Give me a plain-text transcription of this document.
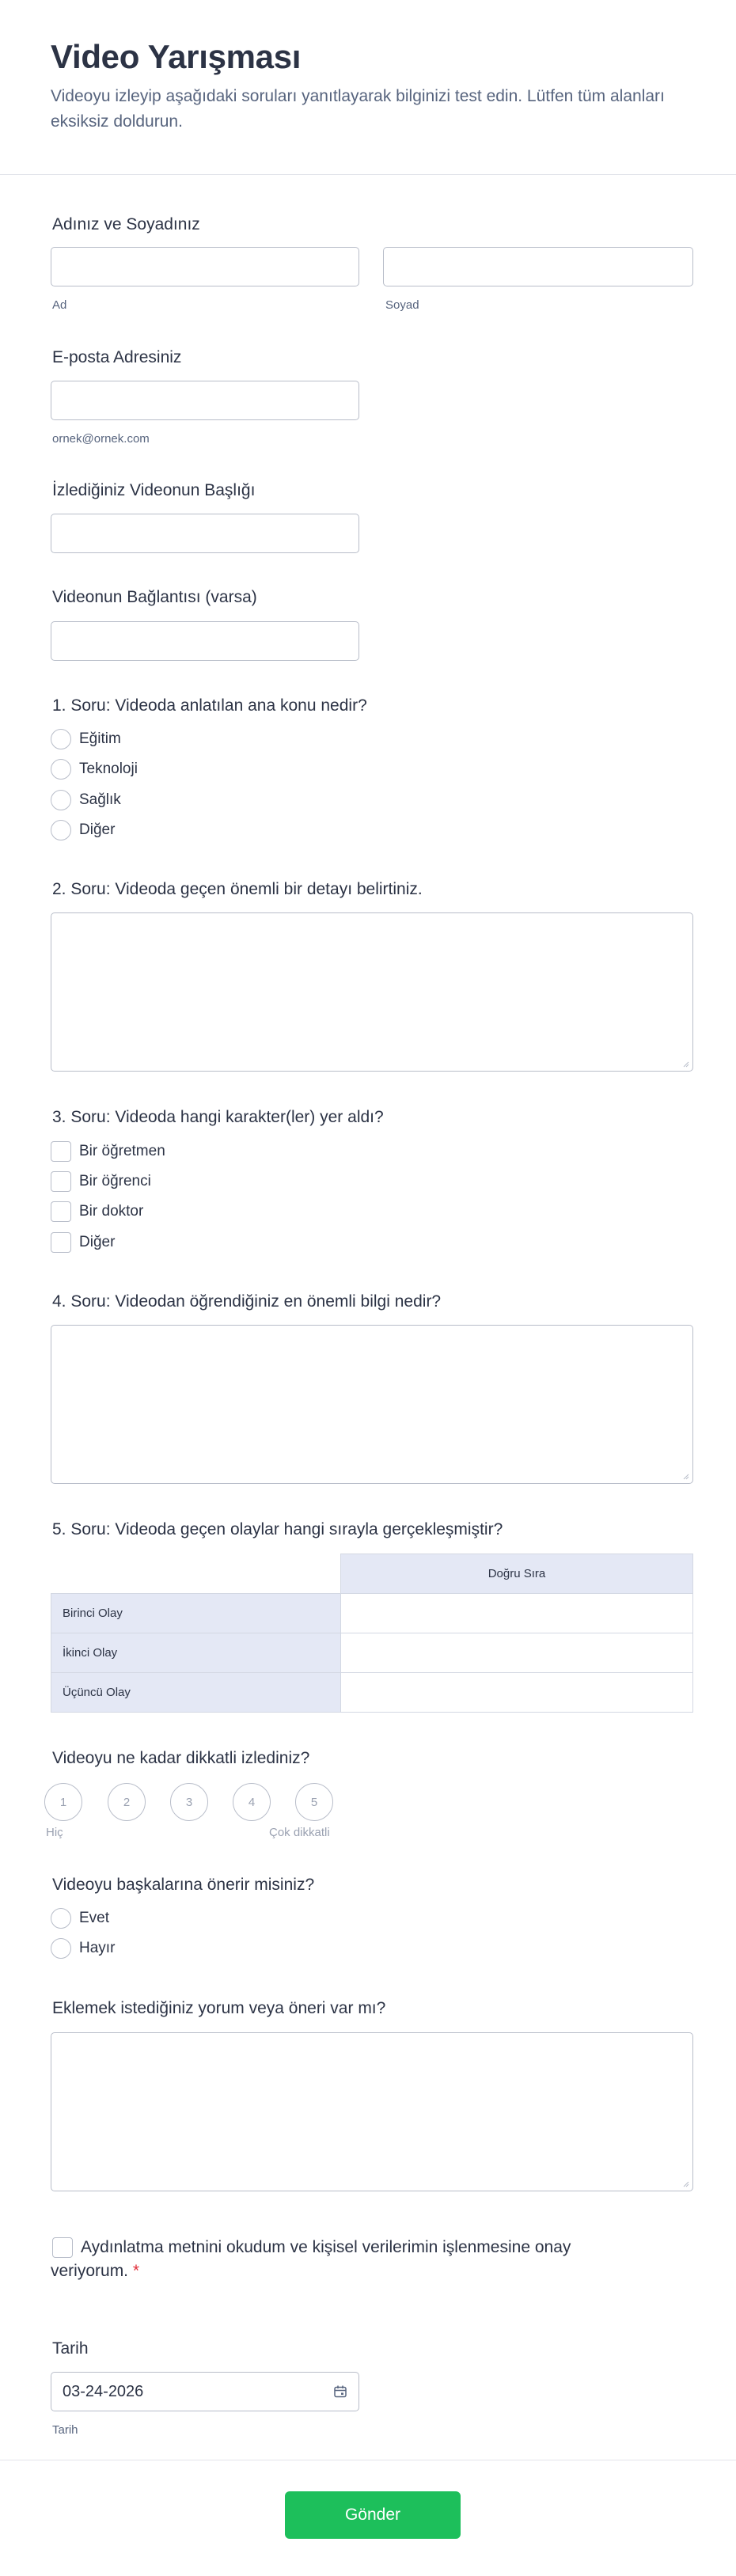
Video Yarışması
Videoyu izleyip aşağıdaki soruları yanıtlayarak bilginizi test edin. Lütfen tüm alanları eksiksiz doldurun.
Adınız ve Soyadınız
Ad	Soyad
E-posta Adresiniz
ornek@ornek.com
İzlediğiniz Videonun Başlığı
Videonun Bağlantısı (varsa)
1. Soru: Videoda anlatılan ana konu nedir?
Eğitim
Teknoloji
Sağlık
Diğer
2. Soru: Videoda geçen önemli bir detayı belirtiniz.
3. Soru: Videoda hangi karakter(ler) yer aldı?
Bir öğretmen
Bir öğrenci
Bir doktor
Diğer
4. Soru: Videodan öğrendiğiniz en önemli bilgi nedir?
5. Soru: Videoda geçen olaylar hangi sırayla gerçekleşmiştir?
	Doğru Sıra
Birinci Olay	
İkinci Olay	
Üçüncü Olay	
Videoyu ne kadar dikkatli izlediniz?
1	2	3	4	5
Hiç	Çok dikkatli
Videoyu başkalarına önerir misiniz?
Evet
Hayır
Eklemek istediğiniz yorum veya öneri var mı?
Aydınlatma metnini okudum ve kişisel verilerimin işlenmesine onay veriyorum. *
Tarih
03-24-2026
Tarih
Gönder
